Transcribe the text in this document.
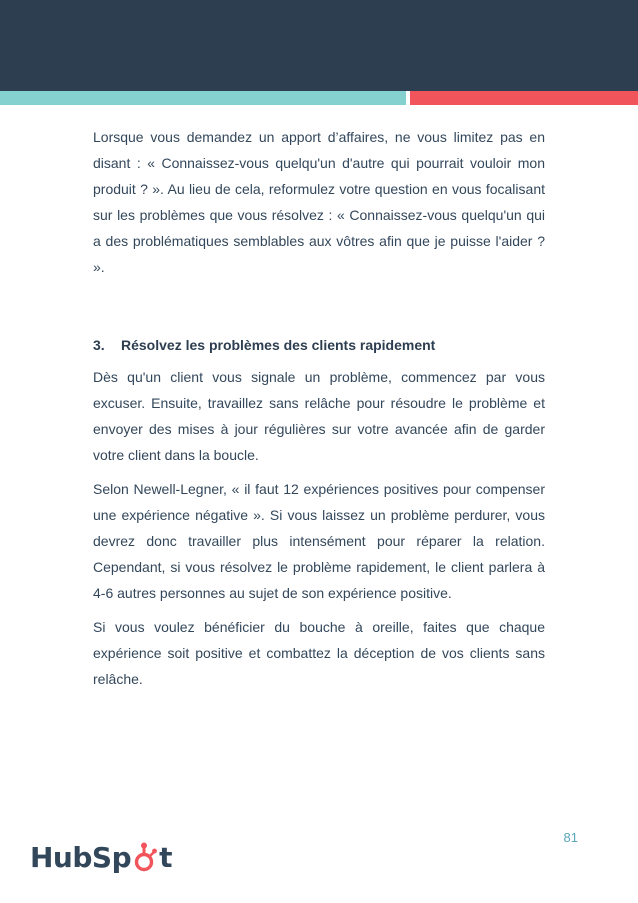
Lorsque vous demandez un apport d’affaires, ne vous limitez pas en disant : « Connaissez-vous quelqu'un d'autre qui pourrait vouloir mon produit ? ». Au lieu de cela, reformulez votre question en vous focalisant sur les problèmes que vous résolvez : « Connaissez-vous quelqu'un qui a des problématiques semblables aux vôtres afin que je puisse l'aider ? ».

3.	Résolvez les problèmes des clients rapidement

Dès qu'un client vous signale un problème, commencez par vous excuser. Ensuite, travaillez sans relâche pour résoudre le problème et envoyer des mises à jour régulières sur votre avancée afin de garder votre client dans la boucle.

Selon Newell-Legner, « il faut 12 expériences positives pour compenser une expérience négative ». Si vous laissez un problème perdurer, vous devrez donc travailler plus intensément pour réparer la relation. Cependant, si vous résolvez le problème rapidement, le client parlera à 4-6 autres personnes au sujet de son expérience positive.

Si vous voulez bénéficier du bouche à oreille, faites que chaque expérience soit positive et combattez la déception de vos clients sans relâche.

81
HubSp t
